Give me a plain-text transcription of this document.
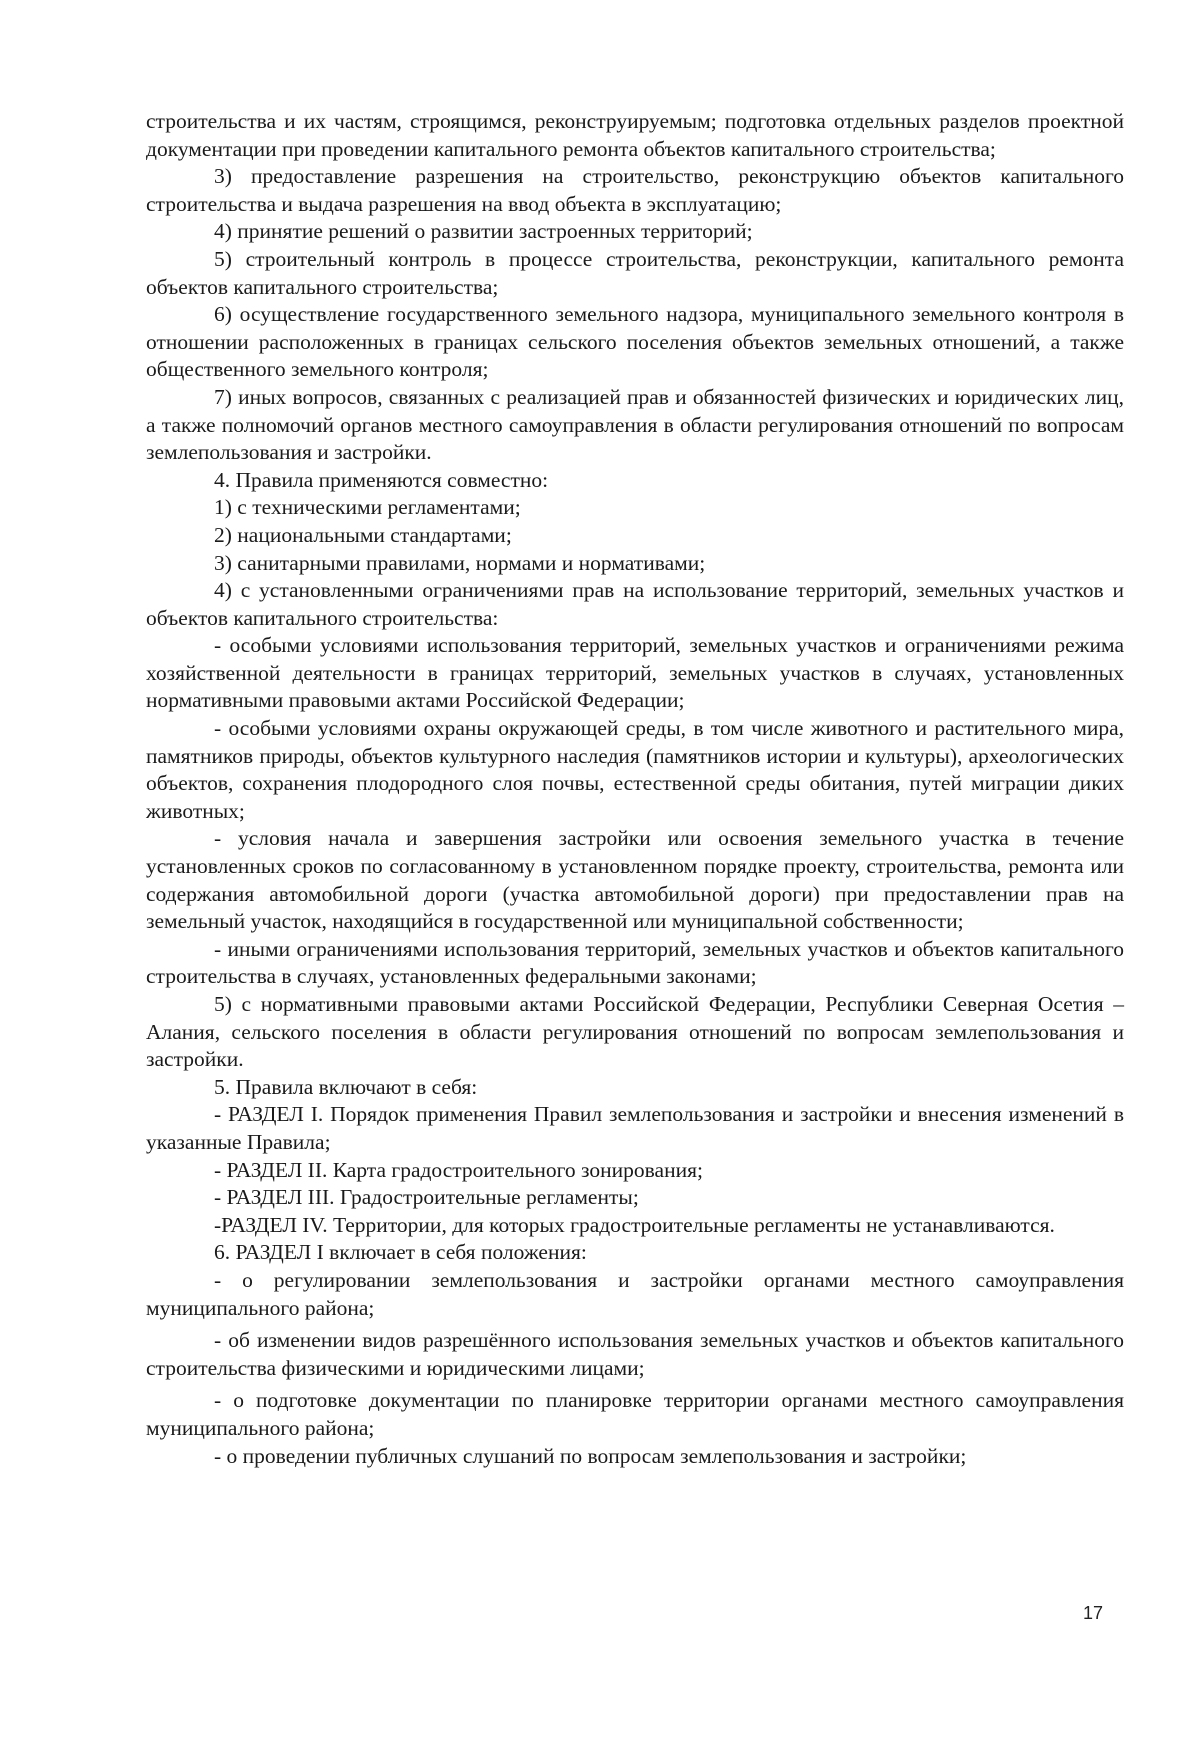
строительства и их частям, строящимся, реконструируемым; подготовка отдельных разделов проектной документации при проведении капитального ремонта объектов капитального строительства;

3) предоставление разрешения на строительство, реконструкцию объектов капитального строительства и выдача разрешения на ввод объекта в эксплуатацию;

4) принятие решений о развитии застроенных территорий;

5) строительный контроль в процессе строительства, реконструкции, капитального ремонта объектов капитального строительства;

6) осуществление государственного земельного надзора, муниципального земельного контроля в отношении расположенных в границах сельского поселения объектов земельных отношений, а также общественного земельного контроля;

7) иных вопросов, связанных с реализацией прав и обязанностей физических и юридических лиц, а также полномочий органов местного самоуправления в области регулирования отношений по вопросам землепользования и застройки.

4. Правила применяются совместно:

1) с техническими регламентами;

2) национальными стандартами;

3) санитарными правилами, нормами и нормативами;

4) с установленными ограничениями прав на использование территорий, земельных участков и объектов капитального строительства:

- особыми условиями использования территорий, земельных участков и ограничениями режима хозяйственной деятельности в границах территорий, земельных участков в случаях, установленных нормативными правовыми актами Российской Федерации;

- особыми условиями охраны окружающей среды, в том числе животного и растительного мира, памятников природы, объектов культурного наследия (памятников истории и культуры), археологических объектов, сохранения плодородного слоя почвы, естественной среды обитания, путей миграции диких животных;

- условия начала и завершения застройки или освоения земельного участка в течение установленных сроков по согласованному в установленном порядке проекту, строительства, ремонта или содержания автомобильной дороги (участка автомобильной дороги) при предоставлении прав на земельный участок, находящийся в государственной или муниципальной собственности;

- иными ограничениями использования территорий, земельных участков и объектов капитального строительства в случаях, установленных федеральными законами;

5) с нормативными правовыми актами Российской Федерации, Республики Северная Осетия – Алания, сельского поселения в области регулирования отношений по вопросам землепользования и застройки.

5. Правила включают в себя:

- РАЗДЕЛ I. Порядок применения Правил землепользования и застройки и внесения изменений в указанные Правила;

- РАЗДЕЛ II. Карта градостроительного зонирования;

- РАЗДЕЛ III. Градостроительные регламенты;

-РАЗДЕЛ IV. Территории, для которых градостроительные регламенты не устанавливаются.

6. РАЗДЕЛ I включает в себя положения:

- о регулировании землепользования и застройки органами местного самоуправления муниципального района;

- об изменении видов разрешённого использования земельных участков и объектов капитального строительства физическими и юридическими лицами;

- о подготовке документации по планировке территории органами местного самоуправления муниципального района;

- о проведении публичных слушаний по вопросам землепользования и застройки;

17
